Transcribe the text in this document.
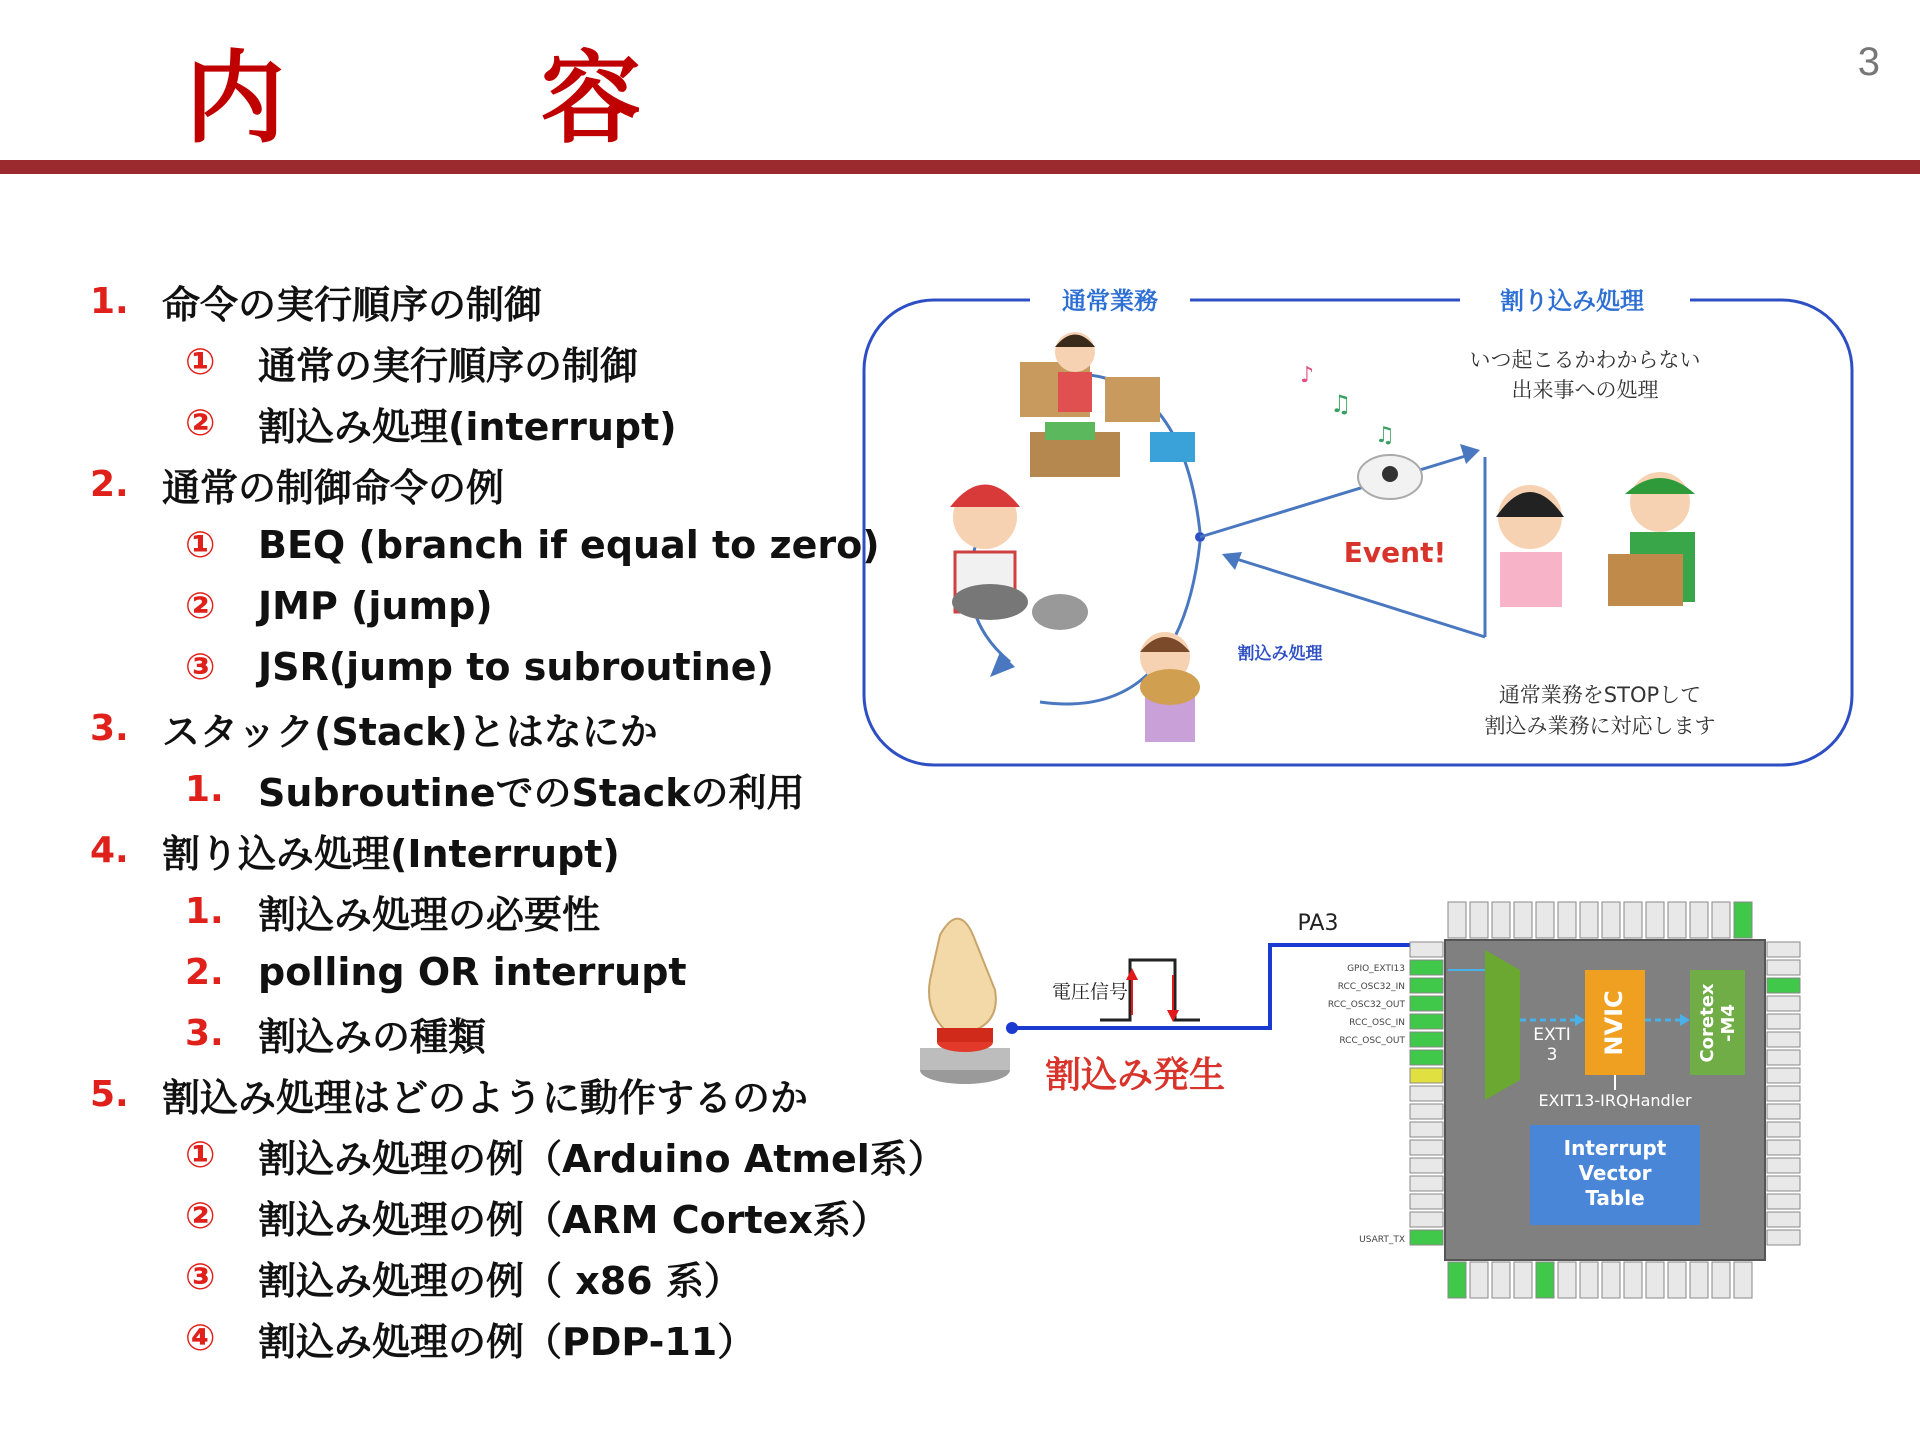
内　容	3
1. 命令の実行順序の制御
① 通常の実行順序の制御
② 割込み処理(interrupt)
2. 通常の制御命令の例
① BEQ (branch if equal to zero)
② JMP (jump)
③ JSR(jump to subroutine)
3. スタック(Stack)とはなにか
1. SubroutineでのStackの利用
4. 割り込み処理(Interrupt)
1. 割込み処理の必要性
2. polling OR interrupt
3. 割込みの種類
5. 割込み処理はどのように動作するのか
① 割込み処理の例（Arduino Atmel系）
② 割込み処理の例（ARM Cortex系）
③ 割込み処理の例（ x86 系）
④ 割込み処理の例（PDP-11）
通常業務	割り込み処理
割込み処理
♫
♪
♫
Event!
いつ起こるかわからない
出来事への処理
通常業務をSTOPして
割込み業務に対応します
PA3
電圧信号
割込み発生
GPIO_EXTI13
RCC_OSC32_IN
RCC_OSC32_OUT
RCC_OSC_IN
RCC_OSC_OUT
USART_TX
EXTI
3 NVIC	Coretex -M4
EXIT13-IRQHandler
Interrupt
Vector
Table
